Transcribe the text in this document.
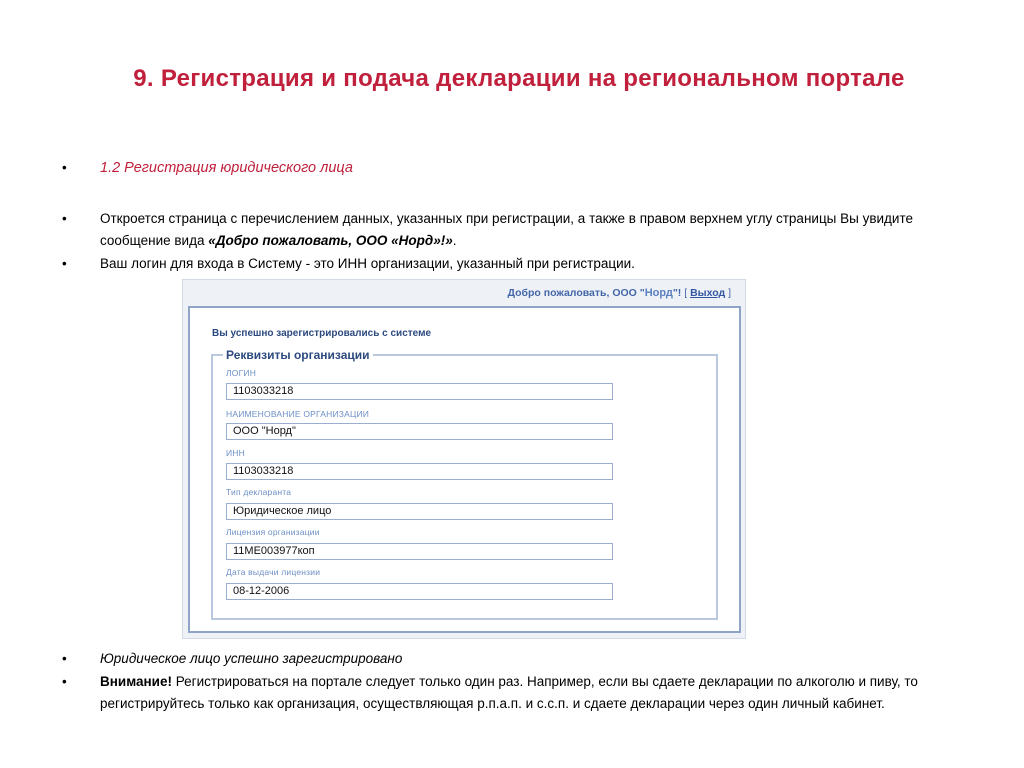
9. Регистрация и подача декларации на региональном портале
• 1.2 Регистрация юридического лица
• Откроется страница с перечислением данных, указанных при регистрации, а также в правом верхнем углу страницы Вы увидите сообщение вида «Добро пожаловать, ООО «Норд»!».
• Ваш логин для входа в Систему - это ИНН организации, указанный при регистрации.
Добро пожаловать, ООО "Норд"! [ Выход ]
Вы успешно зарегистрировались с системе
Реквизиты организации
ЛОГИН
1103033218
НАИМЕНОВАНИЕ ОРГАНИЗАЦИИ
ООО "Норд"
ИНН
1103033218
Тип декларанта
Юридическое лицо
Лицензия организации
11МЕ003977коп
Дата выдачи лицензии
08-12-2006
• Юридическое лицо успешно зарегистрировано
• Внимание! Регистрироваться на портале следует только один раз. Например, если вы сдаете декларации по алкоголю и пиву, то регистрируйтесь только как организация, осуществляющая р.п.а.п. и с.с.п. и сдаете декларации через один личный кабинет.
